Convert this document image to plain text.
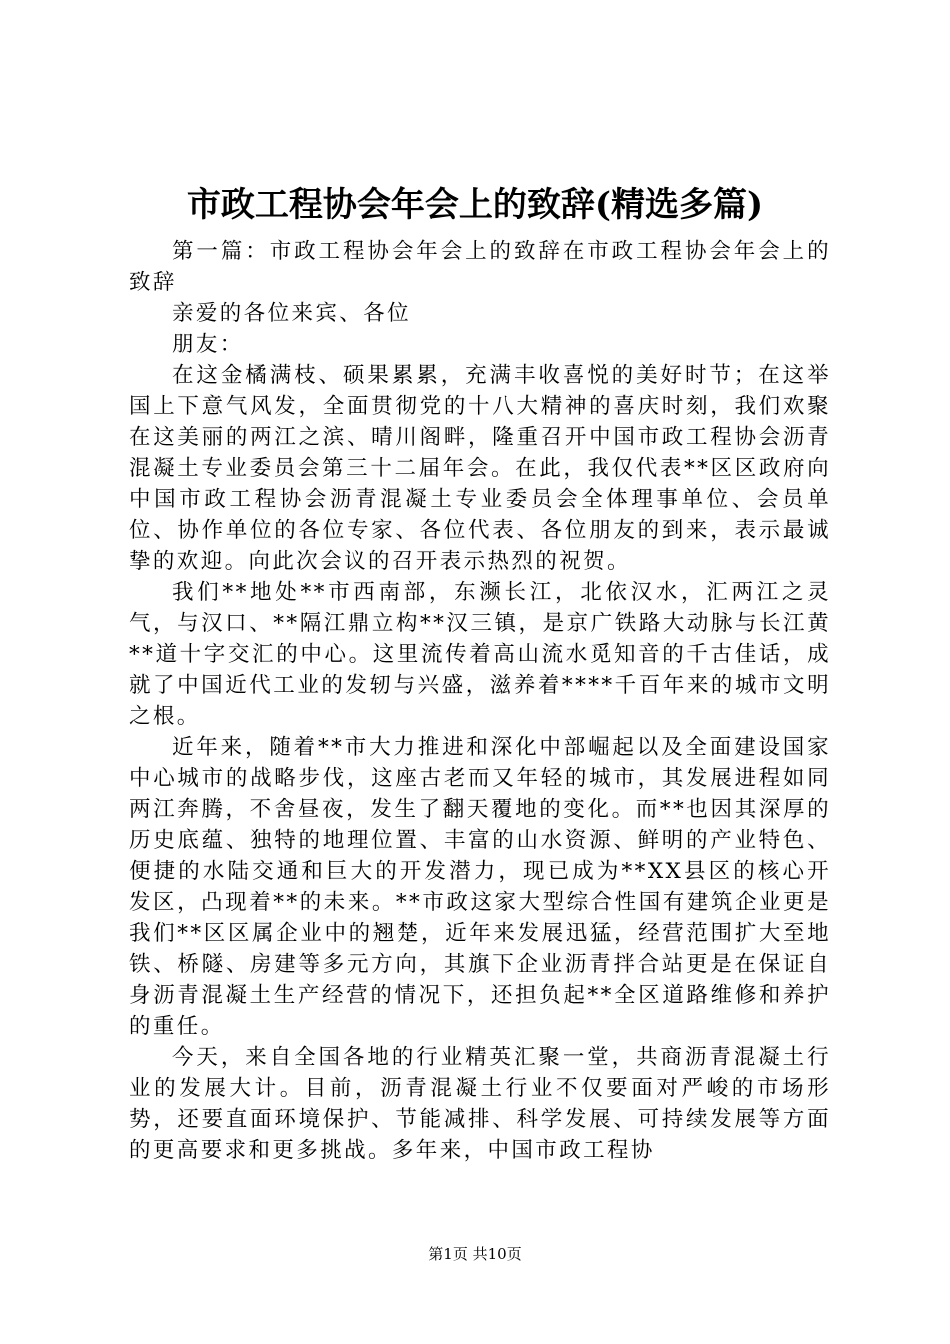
市政工程协会年会上的致辞(精选多篇)

第一篇：市政工程协会年会上的致辞在市政工程协会年会上的致辞

亲爱的各位来宾、各位

朋友：

在这金橘满枝、硕果累累，充满丰收喜悦的美好时节；在这举国上下意气风发，全面贯彻党的十八大精神的喜庆时刻，我们欢聚在这美丽的两江之滨、晴川阁畔，隆重召开中国市政工程协会沥青混凝土专业委员会第三十二届年会。在此，我仅代表**区区政府向中国市政工程协会沥青混凝土专业委员会全体理事单位、会员单位、协作单位的各位专家、各位代表、各位朋友的到来，表示最诚挚的欢迎。向此次会议的召开表示热烈的祝贺。

我们**地处**市西南部，东濒长江，北依汉水，汇两江之灵气，与汉口、**隔江鼎立构**汉三镇，是京广铁路大动脉与长江黄**道十字交汇的中心。这里流传着高山流水觅知音的千古佳话，成就了中国近代工业的发轫与兴盛，滋养着****千百年来的城市文明之根。

近年来，随着**市大力推进和深化中部崛起以及全面建设国家中心城市的战略步伐，这座古老而又年轻的城市，其发展进程如同两江奔腾，不舍昼夜，发生了翻天覆地的变化。而**也因其深厚的历史底蕴、独特的地理位置、丰富的山水资源、鲜明的产业特色、便捷的水陆交通和巨大的开发潜力，现已成为**XX县区的核心开发区，凸现着**的未来。**市政这家大型综合性国有建筑企业更是我们**区区属企业中的翘楚，近年来发展迅猛，经营范围扩大至地铁、桥隧、房建等多元方向，其旗下企业沥青拌合站更是在保证自身沥青混凝土生产经营的情况下，还担负起**全区道路维修和养护的重任。

今天，来自全国各地的行业精英汇聚一堂，共商沥青混凝土行业的发展大计。目前，沥青混凝土行业不仅要面对严峻的市场形势，还要直面环境保护、节能减排、科学发展、可持续发展等方面的更高要求和更多挑战。多年来，中国市政工程协

第1页 共10页
